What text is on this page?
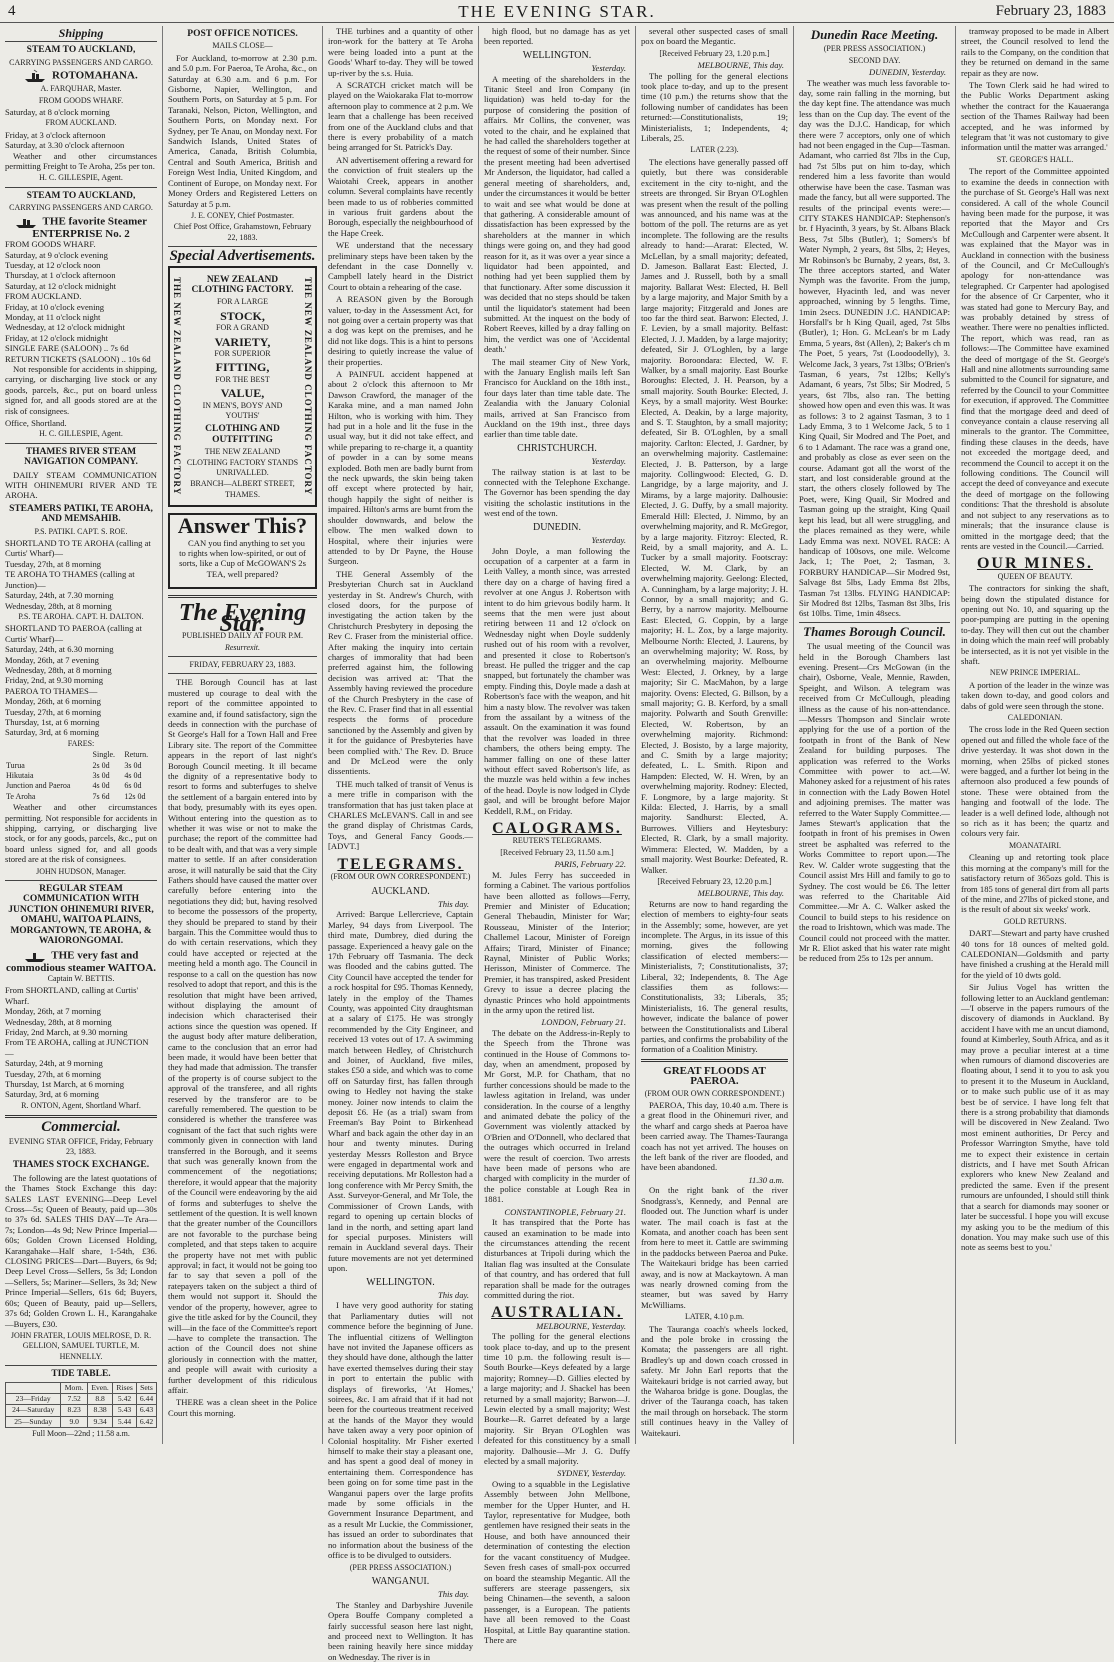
4	THE EVENING STAR.	February 23, 1883
Shipping
STEAM TO AUCKLAND,
CARRYING PASSENGERS AND CARGO.
ROTOMAHANA.
A. FARQUHAR, Master.
FROM GOODS WHARF.
Saturday, at 8 o'clock morning
FROM AUCKLAND.
Friday, at 3 o'clock afternoon
Saturday, at 3.30 o'clock afternoon

Weather and other circumstances permitting Freight to Te Aroha, 25s per ton.

H. C. GILLESPIE, Agent.
STEAM TO AUCKLAND,
CARRYING PASSENGERS AND CARGO.
THE favorite Steamer ENTERPRISE No. 2
FROM GOODS WHARF.
Saturday, at 9 o'clock evening
Tuesday, at 12 o'clock noon
Thursday, at 1 o'clock afternoon
Saturday, at 12 o'clock midnight
FROM AUCKLAND.
Friday, at 10 o'clock evening
Monday, at 11 o'clock night
Wednesday, at 12 o'clock midnight
Friday, at 12 o'clock midnight
SINGLE FARE (SALOON) .. 7s 6d
RETURN TICKETS (SALOON) .. 10s 6d

Not responsible for accidents in shipping, carrying, or discharging live stock or any goods, parcels, &c., put on board unless signed for, and all goods stored are at the risk of consignees.

Office, Shortland.
H. C. GILLESPIE, Agent.
THAMES RIVER STEAM NAVIGATION COMPANY.

DAILY STEAM COMMUNICATION WITH OHINEMURI RIVER AND TE AROHA.

STEAMERS PATIKI, TE AROHA, AND MEMSAHIB.
P.S. PATIKI. CAPT. S. ROE.
SHORTLAND TO TE AROHA (calling at Curtis' Wharf)—
Tuesday, 27th, at 8 morning
TE AROHA TO THAMES (calling at Junction)—
Saturday, 24th, at 7.30 morning
Wednesday, 28th, at 8 morning
P.S. TE AROHA. CAPT. H. DALTON.
SHORTLAND TO PAEROA (calling at Curtis' Wharf)—
Saturday, 24th, at 6.30 morning
Monday, 26th, at 7 evening
Wednesday, 28th, at 8 morning
Friday, 2nd, at 9.30 morning
PAEROA TO THAMES—
Monday, 26th, at 6 morning
Tuesday, 27th, at 6 morning
Thursday, 1st, at 6 morning
Saturday, 3rd, at 6 morning
FARES:
	Single.	Return.
Turua	2s 0d	3s 0d
Hikutaia	3s 0d	4s 0d
Junction and Paeroa	4s 0d	6s 0d
Te Aroha	7s 6d	12s 0d

Weather and other circumstances permitting. Not responsible for accidents in shipping, carrying, or discharging live stock, or for any goods, parcels, &c., put on board unless signed for, and all goods stored are at the risk of consignees.

JOHN HUDSON, Manager.
REGULAR STEAM COMMUNICATION WITH JUNCTION OHINEMURI RIVER, OMAHU, WAITOA PLAINS, MORGANTOWN, TE AROHA, & WAIORONGOMAI.
THE very fast and commodious steamer WAITOA.
Captain W. BETTIS.
From SHORTLAND, calling at Curtis' Wharf.
Monday, 26th, at 7 morning
Wednesday, 28th, at 8 morning
Friday, 2nd March, at 9.30 morning
From TE AROHA, calling at JUNCTION—
Saturday, 24th, at 9 morning
Tuesday, 27th, at 6 morning
Thursday, 1st March, at 6 morning
Saturday, 3rd, at 6 morning
R. ONTON, Agent, Shortland Wharf.
Commercial.
EVENING STAR OFFICE, Friday, February 23, 1883.
THAMES STOCK EXCHANGE.

The following are the latest quotations of the Thames Stock Exchange this day: SALES LAST EVENING—Deep Level Cross—5s; Queen of Beauty, paid up—30s to 37s 6d. SALES THIS DAY—Te Ara—7s; London—4s 9d; New Prince Imperial—60s; Golden Crown Licensed Holding, Karangahake—Half share, 1-54th, £36. CLOSING PRICES—Dart—Buyers, 6s 9d; Deep Level Cross—Sellers, 5s 3d; London—Sellers, 5s; Mariner—Sellers, 3s 3d; New Prince Imperial—Sellers, 61s 6d; Buyers, 60s; Queen of Beauty, paid up—Sellers, 37s 6d; Golden Crown L. H., Karangahake—Buyers, £30.

JOHN FRATER, LOUIS MELROSE, D. R. GELLION, SAMUEL TURTLE, M. HENNELLY.
TIDE TABLE.
	Morn.	Even.	Rises	Sets
23—Friday	7.52	8.8	5.42	6.44
24—Saturday	8.23	8.38	5.43	6.43
25—Sunday	9.0	9.34	5.44	6.42
Full Moon—22nd ; 11.58 a.m.
POST OFFICE NOTICES.
MAILS CLOSE—

For Auckland, to-morrow at 2.30 p.m. and 5.0 p.m. For Paeroa, Te Aroha, &c., on Saturday at 6.30 a.m. and 6 p.m. For Gisborne, Napier, Wellington, and Southern Ports, on Saturday at 5 p.m. For Taranaki, Nelson, Picton, Wellington, and Southern Ports, on Monday next. For Sydney, per Te Anau, on Monday next. For Sandwich Islands, United States of America, Canada, British Columbia, Central and South America, British and Foreign West India, United Kingdom, and Continent of Europe, on Monday next. For Money Orders and Registered Letters on Saturday at 5 p.m.

J. E. CONEY, Chief Postmaster.
Chief Post Office, Grahamstown, February 22, 1883.
Special Advertisements.
THE NEW ZEALAND CLOTHING FACTORY	THE NEW ZEALAND CLOTHING FACTORY
NEW ZEALAND CLOTHING FACTORY.
FOR A LARGE
STOCK,
FOR A GRAND
VARIETY,
FOR SUPERIOR
FITTING,
FOR THE BEST
VALUE,
IN MEN'S, BOYS' AND YOUTHS'
CLOTHING AND OUTFITTING
THE NEW ZEALAND CLOTHING FACTORY STANDS UNRIVALLED.
BRANCH—ALBERT STREET, THAMES.
Answer This?

CAN you find anything to set you to rights when low-spirited, or out of sorts, like a Cup of McGOWAN'S 2s TEA, well prepared?

The Evening Star.
PUBLISHED DAILY AT FOUR P.M.
Resurrexit.
FRIDAY, FEBRUARY 23, 1883.

THE Borough Council has at last mustered up courage to deal with the report of the committee appointed to examine and, if found satisfactory, sign the deeds in connection with the purchase of St George's Hall for a Town Hall and Free Library site. The report of the Committee appears in the report of last night's Borough Council meeting. It ill became the dignity of a representative body to resort to forms and subterfuges to shelve the settlement of a bargain entered into by that body, presumably with its eyes open. Without entering into the question as to whether it was wise or not to make the purchase; the report of the committee had to be dealt with, and that was a very simple matter to settle. If an after consideration arose, it will naturally be said that the City Fathers should have caused the matter over carefully before entering into the negotiations they did; but, having resolved to become the possessors of the property, they should be prepared to stand by their bargain. This the Committee would thus to do with certain reservations, which they could have accepted or rejected at the meeting held a month ago. The Council in response to a call on the question has now resolved to adopt that report, and this is the resolution that might have been arrived, without displaying the amount of indecision which characterised their actions since the question was opened. If the august body after mature deliberation, came to the conclusion that an error had been made, it would have been better that they had made that admission. The transfer of the property is of course subject to the approval of the transferee, and all rights reserved by the transferor are to be carefully remembered. The question to be considered is whether the transferee was cognisant of the fact that such rights were commonly given in connection with land transferred in the Borough, and it seems that such was generally known from the commencement of the negotiations; therefore, it would appear that the majority of the Council were endeavoring by the aid of forms and subterfuges to shelve the settlement of the question. It is well known that the greater number of the Councillors are not favorable to the purchase being completed, and that steps taken to acquire the property have not met with public approval; in fact, it would not be going too far to say that seven a poll of the ratepayers taken on the subject a third of them would not support it. Should the vendor of the property, however, agree to give the title asked for by the Council, they will—in the face of the Committee's report—have to complete the transaction. The action of the Council does not shine gloriously in connection with the matter, and people will await with curiosity a further development of this ridiculous affair.

THERE was a clean sheet in the Police Court this morning.

THE turbines and a quantity of other iron-work for the battery at Te Aroha were being loaded into a punt at the Goods' Wharf to-day. They will be towed up-river by the s.s. Huia.

A SCRATCH cricket match will be played on the Waiokaraka Flat to-morrow afternoon play to commence at 2 p.m. We learn that a challenge has been received from one of the Auckland clubs and that there is every probability of a match being arranged for St. Patrick's Day.

AN advertisement offering a reward for the conviction of fruit stealers up the Waiotahi Creek, appears in another column. Several complaints have recently been made to us of robberies committed in various fruit gardens about the Borough, especially the neighbourhood of the Hape Creek.

WE understand that the necessary preliminary steps have been taken by the defendant in the case Donnelly v. Campbell lately heard in the District Court to obtain a rehearing of the case.

A REASON given by the Borough valuer, to-day in the Assessment Act, for not going over a certain property was that a dog was kept on the premises, and he did not like dogs. This is a hint to persons desiring to quietly increase the value of their properties.

A PAINFUL accident happened at about 2 o'clock this afternoon to Mr Dawson Crawford, the manager of the Karaka mine, and a man named John Hilton, who is working with him. They had put in a hole and lit the fuse in the usual way, but it did not take effect, and while preparing to re-charge it, a quantity of powder in a can by some means exploded. Both men are badly burnt from the neck upwards, the skin being taken off except where protected by hair, though happily the sight of neither is impaired. Hilton's arms are burnt from the shoulder downwards, and below the elbow. The men walked down to Hospital, where their injuries were attended to by Dr Payne, the House Surgeon.

THE General Assembly of the Presbyterian Church sat in Auckland yesterday in St. Andrew's Church, with closed doors, for the purpose of investigating the action taken by the Christchurch Presbytery in deposing the Rev C. Fraser from the ministerial office. After making the inquiry into certain charges of immorality that had been preferred against him, the following decision was arrived at: 'That the Assembly having reviewed the procedure of the Church Presbytery in the case of the Rev. C. Fraser find that in all essential respects the forms of procedure sanctioned by the Assembly and given by it for the guidance of Presbyteries have been complied with.' The Rev. D. Bruce and Dr McLeod were the only dissentients.

THE much talked of transit of Venus is a mere trifle in comparison with the transformation that has just taken place at CHARLES McLEVAN'S. Call in and see the grand display of Christmas Cards, Toys, and General Fancy Goods.—[ADVT.]

TELEGRAMS.
(FROM OUR OWN CORRESPONDENT.)
AUCKLAND.
This day.

Arrived: Barque Lellercrieve, Captain Marley, 94 days from Liverpool. The third mate, Dumbrey, died during the passage. Experienced a heavy gale on the 17th February off Tasmania. The deck was flooded and the cabins gutted. The City Council have accepted the tender for a rock hospital for £95. Thomas Kennedy, lately in the employ of the Thames County, was appointed City draughtsman at a salary of £175. He was strongly recommended by the City Engineer, and received 13 votes out of 17. A swimming match between Hedley, of Christchurch and Joiner, of Auckland, five miles, stakes £50 a side, and which was to come off on Saturday first, has fallen through owing to Hedley not having the stake money. Joiner now intends to claim the deposit £6. He (as a trial) swam from Freeman's Bay Point to Birkenhead Wharf and back again the other day in an hour and twenty minutes. During yesterday Messrs Rolleston and Bryce were engaged in departmental work and receiving deputations. Mr Rolleston had a long conference with Mr Percy Smith, the Asst. Surveyor-General, and Mr Tole, the Commissioner of Crown Lands, with regard to opening up certain blocks of land in the north, and setting apart land for special purposes. Ministers will remain in Auckland several days. Their future movements are not yet determined upon.

WELLINGTON.
This day.

I have very good authority for stating that Parliamentary duties will not commence before the beginning of June. The influential citizens of Wellington have not invited the Japanese officers as they should have done, although the latter have exerted themselves during their stay in port to entertain the public with displays of fireworks, 'At Homes,' soirees, &c. I am afraid that if it had not been for the courteous treatment received at the hands of the Mayor they would have taken away a very poor opinion of Colonial hospitality. Mr Fisher exerted himself to make their stay a pleasant one, and has spent a good deal of money in entertaining them. Correspondence has been going on for some time past in the Wanganui papers over the large profits made by some officials in the Government Insurance Department, and as a result Mr Luckie, the Commissioner, has issued an order to subordinates that no information about the business of the office is to be divulged to outsiders.

(PER PRESS ASSOCIATION.)
WANGANUI.
This day.

The Stanley and Darbyshire Juvenile Opera Bouffe Company completed a fairly successful season here last night, and proceed next to Wellington. It has been raining heavily here since midday on Wednesday. The river is in

high flood, but no damage has as yet been reported.

WELLINGTON.
Yesterday.

A meeting of the shareholders in the Titanic Steel and Iron Company (in liquidation) was held to-day for the purpose of considering the position of affairs. Mr Collins, the convener, was voted to the chair, and he explained that he had called the shareholders together at the request of some of their number. Since the present meeting had been advertised Mr Anderson, the liquidator, had called a general meeting of shareholders, and, under the circumstances it would be better to wait and see what would be done at that gathering. A considerable amount of dissatisfaction has been expressed by the shareholders at the manner in which things were going on, and they had good reason for it, as it was over a year since a liquidator had been appointed, and nothing had yet been supplied them by that functionary. After some discussion it was decided that no steps should be taken until the liquidator's statement had been submitted. At the inquest on the body of Robert Reeves, killed by a dray falling on him, the verdict was one of 'Accidental death.'

The mail steamer City of New York, with the January English mails left San Francisco for Auckland on the 18th inst., four days later than time table date. The Zealandia with the January Colonial mails, arrived at San Francisco from Auckland on the 19th inst., three days earlier than time table date.

CHRISTCHURCH.
Yesterday.

The railway station is at last to be connected with the Telephone Exchange. The Governor has been spending the day visiting the scholastic institutions in the west end of the town.

DUNEDIN.
Yesterday.

John Doyle, a man following the occupation of a carpenter at a farm in Leith Valley, a month since, was arrested there day on a charge of having fired a revolver at one Angus J. Robertson with intent to do him grievous bodily harm. It seems that the men were just about retiring between 11 and 12 o'clock on Wednesday night when Doyle suddenly rushed out of his room with a revolver, and presented it close to Robertson's breast. He pulled the trigger and the cap snapped, but fortunately the chamber was empty. Finding this, Doyle made a dash at Robertson's face with the weapon, and hit him a nasty blow. The revolver was taken from the assailant by a witness of the assault. On the examination it was found that the revolver was loaded in three chambers, the others being empty. The hammer falling on one of these latter without effect saved Robertson's life, as the muzzle was held within a few inches of the head. Doyle is now lodged in Clyde gaol, and will be brought before Major Keddell, R.M., on Friday.

CALOGRAMS.
REUTER'S TELEGRAMS.
[Received February 23, 11.50 a.m.]
PARIS, February 22.

M. Jules Ferry has succeeded in forming a Cabinet. The various portfolios have been allotted as follows—Ferry, Premier and Minister of Education; General Thebaudin, Minister for War; Rousseau, Minister of the Interior; Challemel Lacour, Minister of Foreign Affairs; Tirard, Minister of Finance; Raynal, Minister of Public Works; Herisson, Minister of Commerce. The Premier, it has transpired, asked President Grevy to issue a decree placing the dynastic Princes who hold appointments in the army upon the retired list.

LONDON, February 21.

The debate on the Address-in-Reply to the Speech from the Throne was continued in the House of Commons to-day, when an amendment, proposed by Mr Gorst, M.P. for Chatham, that no further concessions should be made to the lawless agitation in Ireland, was under consideration. In the course of a lengthy and animated debate the policy of the Government was violently attacked by O'Brien and O'Donnell, who declared that the outrages which occurred in Ireland were the result of coercion. Two arrests have been made of persons who are charged with complicity in the murder of the police constable at Lough Rea in 1881.

CONSTANTINOPLE, February 21.

It has transpired that the Porte has caused an examination to be made into the circumstances attending the recent disturbances at Tripoli during which the Italian flag was insulted at the Consulate of that country, and has ordered that full reparation shall be made for the outrages committed during the riot.

AUSTRALIAN.
MELBOURNE, Yesterday.

The polling for the general elections took place to-day, and up to the present time 10 p.m. the following result is—South Bourke—Keys defeated by a large majority; Romney—D. Gillies elected by a large majority; and J. Shackel has been returned by a small majority; Barwon—J. Lewin elected by a small majority; West Bourke—R. Garret defeated by a large majority. Sir Bryan O'Loghlen was defeated for this constituency by a small majority. Dalhousie—Mr J. G. Duffy elected by a small majority.

SYDNEY, Yesterday.

Owing to a squabble in the Legislative Assembly between John Mellbone, member for the Upper Hunter, and H. Taylor, representative for Mudgee, both gentlemen have resigned their seats in the House, and both have announced their determination of contesting the election for the vacant constituency of Mudgee. Seven fresh cases of small-pox occurred on board the steamship Megantic. All the sufferers are steerage passengers, six being Chinamen—the seventh, a saloon passenger, is a European. The patients have all been removed to the Coast Hospital, at Little Bay quarantine station. There are

several other suspected cases of small pox on board the Megantic.

[Received February 23, 1.20 p.m.]
MELBOURNE, This day.

The polling for the general elections took place to-day, and up to the present time (10 p.m.) the returns show that the following number of candidates has been returned:—Constitutionalists, 19; Ministerialists, 1; Independents, 4; Liberals, 25.

LATER (2.23).

The elections have generally passed off quietly, but there was considerable excitement in the city to-night, and the streets are thronged. Sir Bryan O'Loghlen was present when the result of the polling was announced, and his name was at the bottom of the poll. The returns are as yet incomplete. The following are the results already to hand:—Ararat: Elected, W. McLellan, by a small majority; defeated, D. Jameson. Ballarat East: Elected, J. James and J. Russell, both by a small majority. Ballarat West: Elected, H. Bell by a large majority, and Major Smith by a large majority; Fitzgerald and Jones are too far the third seat. Barwon: Elected, J. F. Levien, by a small majority. Belfast: Elected, J. J. Madden, by a large majority; defeated, Sir J. O'Loghlen, by a large majority. Boroondara: Elected, W. F. Walker, by a small majority. East Bourke Boroughs: Elected, J. H. Pearson, by a small majority. South Bourke: Elected, J. Keys, by a small majority. West Bourke: Elected, A. Deakin, by a large majority, and S. T. Staughton, by a small majority; defeated, Sir B. O'Loghlen, by a small majority. Carlton: Elected, J. Gardner, by an overwhelming majority. Castlemaine: Elected, J. B. Patterson, by a large majority. Collingwood: Elected, G. D. Langridge, by a large majority, and J. Mirams, by a large majority. Dalhousie: Elected, J. G. Duffy, by a small majority. Emerald Hill: Elected, J. Nimmo, by an overwhelming majority, and R. McGregor, by a large majority. Fitzroy: Elected, R. Reid, by a small majority, and A. L. Tucker by a small majority. Footscray: Elected, W. M. Clark, by an overwhelming majority. Geelong: Elected, A. Cunningham, by a large majority; J. H. Connor, by a small majority; and G. Berry, by a narrow majority. Melbourne East: Elected, G. Coppin, by a large majority; H. L. Zox, by a large majority. Melbourne North: Elected, J. Laurens, by an overwhelming majority; W. Ross, by an overwhelming majority. Melbourne West: Elected, J. Orkney, by a large majority; Sir C. MacMahon, by a large majority. Ovens: Elected, G. Billson, by a small majority; G. B. Kerford, by a small majority. Polwarth and South Grenville: Elected, W. Robertson, by an overwhelming majority. Richmond: Elected, J. Bosisto, by a large majority, and C. Smith by a large majority; defeated, L. L. Smith. Ripon and Hampden: Elected, W. H. Wren, by an overwhelming majority. Rodney: Elected, F. Longmore, by a large majority. St Kilda: Elected, J. Harris, by a small majority. Sandhurst: Elected, A. Burrowes. Villiers and Heytesbury: Elected, R. Clark, by a small majority. Wimmera: Elected, W. Madden, by a small majority. West Bourke: Defeated, R. Walker.

[Received February 23, 12.20 p.m.]
MELBOURNE, This day.

Returns are now to hand regarding the election of members to eighty-four seats in the Assembly; some, however, are yet incomplete. The Argus, in its issue of this morning, gives the following classification of elected members:—Ministerialists, 7; Constitutionalists, 37; Liberal, 32; Independents, 8. The Age classifies them as follows:—Constitutionalists, 33; Liberals, 35; Ministerialists, 16. The general results, however, indicate the balance of power between the Constitutionalists and Liberal parties, and confirms the probability of the formation of a Coalition Ministry.

GREAT FLOODS AT PAEROA.
(FROM OUR OWN CORRESPONDENT.)

PAEROA, This day, 10.40 a.m. There is a great flood in the Ohinemuri river, and the wharf and cargo sheds at Paeroa have been carried away. The Thames-Tauranga coach has not yet arrived. The houses on the left bank of the river are flooded, and have been abandoned.

11.30 a.m.

On the right bank of the river Snodgrass's, Kennedy, and Pennal are flooded out. The Junction wharf is under water. The mail coach is fast at the Komata, and another coach has been sent from here to meet it. Cattle are swimming in the paddocks between Paeroa and Puke. The Waitekauri bridge has been carried away, and is now at Mackaytown. A man was nearly drowned coming from the steamer, but was saved by Harry McWilliams.

LATER, 4.10 p.m.

The Tauranga coach's wheels locked, and the pole broke in crossing the Komata; the passengers are all right. Bradley's up and down coach crossed in safety. Mr John Earl reports that the Waitekauri bridge is not carried away, but the Waharoa bridge is gone. Douglas, the driver of the Tauranga coach, has taken the mail through on horseback. The storm still continues heavy in the Valley of Waitekauri.

Dunedin Race Meeting.
(PER PRESS ASSOCIATION.)
SECOND DAY.
DUNEDIN, Yesterday.

The weather was much less favorable to-day, some rain falling in the morning, but the day kept fine. The attendance was much less than on the Cup day. The event of the day was the D.J.C. Handicap, for which there were 7 acceptors, only one of which had not been engaged in the Cup—Tasman. Adamant, who carried 8st 7lbs in the Cup, had 7st 5lbs put on him to-day, which rendered him a less favorite than would otherwise have been the case. Tasman was made the fancy, but all were supported. The results of the principal events were:—CITY STAKES HANDICAP: Stephenson's br. f Hyacinth, 3 years, by St. Albans Black Bess, 7st 5lbs (Butler), 1; Somers's bf Water Nymph, 2 years, 8st 5lbs, 2; Heyes, Mr Robinson's bc Burnaby, 2 years, 8st, 3. The three acceptors started, and Water Nymph was the favorite. From the jump, however, Hyacinth led, and was never approached, winning by 5 lengths. Time, 1min 2secs. DUNEDIN J.C. HANDICAP: Horsfall's br h King Quail, aged, 7st 5lbs (Butler), 1; Hon. G. McLean's br m Lady Emma, 5 years, 8st (Allen), 2; Baker's ch m The Poet, 5 years, 7st (Loodoodelly), 3. Welcome Jack, 3 years, 7st 13lbs; O'Brien's Tasman, 6 years, 7st 12lbs; Kelly's Adamant, 6 years, 7st 5lbs; Sir Modred, 5 years, 6st 7lbs, also ran. The betting showed how open and even this was. It was as follows: 3 to 2 against Tasman, 3 to 1 Lady Emma, 3 to 1 Welcome Jack, 5 to 1 King Quail, Sir Modred and The Poet, and 6 to 1 Adamant. The race was a grand one, and probably as close as ever seen on the course. Adamant got all the worst of the start, and lost considerable ground at the start, the others closely followed by The Poet, were, King Quail, Sir Modred and Tasman going up the straight, King Quail kept his lead, but all were struggling, and the places remained as they were, while Lady Emma was next. NOVEL RACE: A handicap of 100sovs, one mile. Welcome Jack, 1; The Poet, 2; Tasman, 3. FORBURY HANDICAP—Sir Modred 9st, Salvage 8st 5lbs, Lady Emma 8st 2lbs, Tasman 7st 13lbs. FLYING HANDICAP: Sir Modred 8st 12lbs, Tasman 8st 3lbs, Iris 6st 10lbs. Time, 1min 48secs.

Thames Borough Council.

The usual meeting of the Council was held in the Borough Chambers last evening. Present—Crs McGowan (in the chair), Osborne, Veale, Mennie, Rawden, Speight, and Wilson. A telegram was received from Cr McCullough, pleading illness as the cause of his non-attendance.—Messrs Thompson and Sinclair wrote applying for the use of a portion of the footpath in front of the Bank of New Zealand for building purposes. The application was referred to the Works Committee with power to act.—W. Mahoney asked for a rejustment of his rates in connection with the Lady Bowen Hotel and adjoining premises. The matter was referred to the Water Supply Committee.—James Stewart's application that the footpath in front of his premises in Owen street be asphalted was referred to the Works Committee to report upon.—The Rev. W. Calder wrote suggesting that the Council assist Mrs Hill and family to go to Sydney. The cost would be £6. The letter was referred to the Charitable Aid Committee.—Mr A. C. Walker asked the Council to build steps to his residence on the road to Irishtown, which was made. The Council could not proceed with the matter. Mr R. Eliot asked that his water rate might be reduced from 25s to 12s per annum.

tramway proposed to be made in Albert street, the Council resolved to lend the rails to the Company, on the condition that they be returned on demand in the same repair as they are now.

The Town Clerk said he had wired to the Public Works Department asking whether the contract for the Kauaeranga section of the Thames Railway had been accepted, and he was informed by telegram that 'it was not customary to give information until the matter was arranged.'

ST. GEORGE'S HALL.

The report of the Committee appointed to examine the deeds in connection with the purchase of St. George's Hall was next considered. A call of the whole Council having been made for the purpose, it was reported that the Mayor and Crs McCullough and Carpenter were absent. It was explained that the Mayor was in Auckland in connection with the business of the Council, and Cr McCullough's apology for non-attendance was telegraphed. Cr Carpenter had apologised for the absence of Cr Carpenter, who it was stated had gone to Mercury Bay, and was probably detained by stress of weather. There were no penalties inflicted. The report, which was read, ran as follows:—The Committee have examined the deed of mortgage of the St. George's Hall and nine allotments surrounding same submitted to the Council for signature, and referred by the Council to your Committee for execution, if approved. The Committee find that the mortgage deed and deed of conveyance contain a clause reserving all minerals to the grantor. The Committee, finding these clauses in the deeds, have not exceeded the mortgage deed, and recommend the Council to accept it on the following conditions. The Council will accept the deed of conveyance and execute the deed of mortgage on the following conditions: That the threshold is absolute and not subject to any reservations as to minerals; that the insurance clause is omitted in the mortgage deed; that the rents are vested in the Council.—Carried.

OUR MINES.
QUEEN OF BEAUTY.

The contractors for sinking the shaft, being down the stipulated distance for opening out No. 10, and squaring up the poor-pumping are putting in the opening to-day. They will then cut out the chamber in doing which the main reef will probably be intersected, as it is not yet visible in the shaft.

NEW PRINCE IMPERIAL.

A portion of the leader in the winze was taken down to-day, and good colors and dabs of gold were seen through the stone.

CALEDONIAN.

The cross lode in the Red Queen section opened out and filled the whole face of the drive yesterday. It was shot down in the morning, when 25lbs of picked stones were bagged, and a further lot being in the afternoon also produced a few pounds of stone. These were obtained from the hanging and footwall of the lode. The leader is a well defined lode, although not so rich as it has been; the quartz and colours very fair.

MOANATAIRI.

Cleaning up and retorting took place this morning at the company's mill for the satisfactory return of 365ozs gold. This is from 185 tons of general dirt from all parts of the mine, and 27lbs of picked stone, and is the result of about six weeks' work.

GOLD RETURNS.

DART—Stewart and party have crushed 40 tons for 18 ounces of melted gold. CALEDONIAN—Goldsmith and party have finished a crushing at the Herald mill for the yield of 10 dwts gold.

Sir Julius Vogel has written the following letter to an Auckland gentleman:—'I observe in the papers rumours of the discovery of diamonds in Auckland. By accident I have with me an uncut diamond, found at Kimberley, South Africa, and as it may prove a peculiar interest at a time when rumours of diamond discoveries are floating about, I send it to you to ask you to present it to the Museum in Auckland, or to make such public use of it as may best be of service. I have long felt that there is a strong probability that diamonds will be discovered in New Zealand. Two most eminent authorities, Dr Percy and Professor Warrington Smythe, have told me to expect their existence in certain districts, and I have met South African explorers who knew New Zealand and predicted the same. Even if the present rumours are unfounded, I should still think that a search for diamonds may sooner or later be successful. I hope you will excuse my asking you to be the medium of this donation. You may make such use of this note as seems best to you.'
